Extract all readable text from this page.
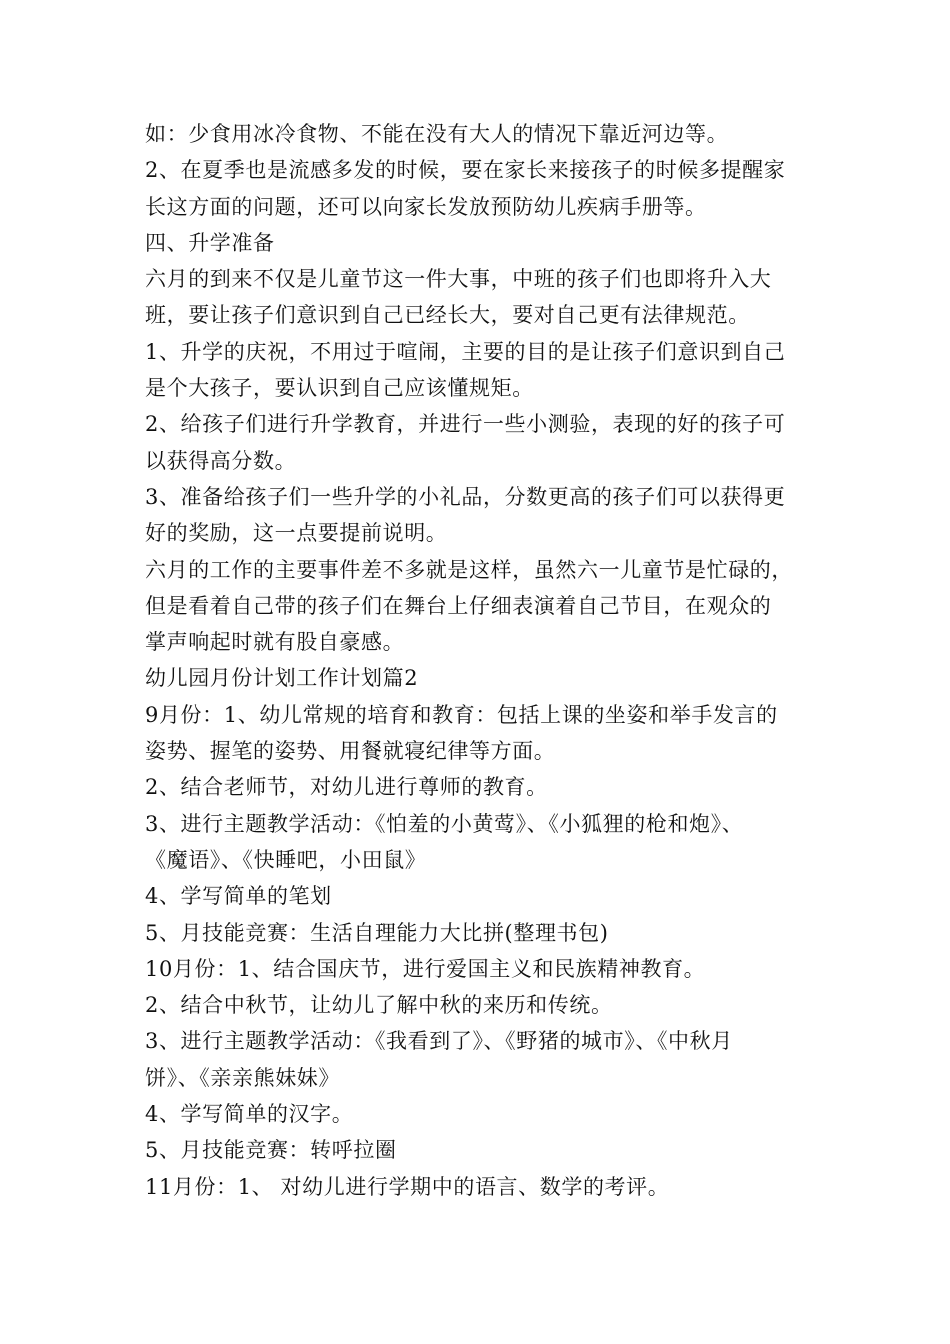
如：少食用冰冷食物、不能在没有大人的情况下靠近河边等。
2、在夏季也是流感多发的时候，要在家长来接孩子的时候多提醒家
长这方面的问题，还可以向家长发放预防幼儿疾病手册等。
四、升学准备
六月的到来不仅是儿童节这一件大事，中班的孩子们也即将升入大
班，要让孩子们意识到自己已经长大，要对自己更有法律规范。
1、升学的庆祝，不用过于喧闹，主要的目的是让孩子们意识到自己
是个大孩子，要认识到自己应该懂规矩。
2、给孩子们进行升学教育，并进行一些小测验，表现的好的孩子可
以获得高分数。
3、准备给孩子们一些升学的小礼品，分数更高的孩子们可以获得更
好的奖励，这一点要提前说明。
六月的工作的主要事件差不多就是这样，虽然六一儿童节是忙碌的，
但是看着自己带的孩子们在舞台上仔细表演着自己节目，在观众的
掌声响起时就有股自豪感。
幼儿园月份计划工作计划篇2
9月份：1、幼儿常规的培育和教育：包括上课的坐姿和举手发言的
姿势、握笔的姿势、用餐就寝纪律等方面。
2、结合老师节，对幼儿进行尊师的教育。
3、进行主题教学活动：《怕羞的小黄莺》、《小狐狸的枪和炮》、
《魔语》、《快睡吧，小田鼠》
4、学写简单的笔划
5、月技能竞赛：生活自理能力大比拼(整理书包)
10月份：1、结合国庆节，进行爱国主义和民族精神教育。
2、结合中秋节，让幼儿了解中秋的来历和传统。
3、进行主题教学活动：《我看到了》、《野猪的城市》、《中秋月
饼》、《亲亲熊妹妹》
4、学写简单的汉字。
5、月技能竞赛：转呼拉圈
11月份：1、 对幼儿进行学期中的语言、数学的考评。
